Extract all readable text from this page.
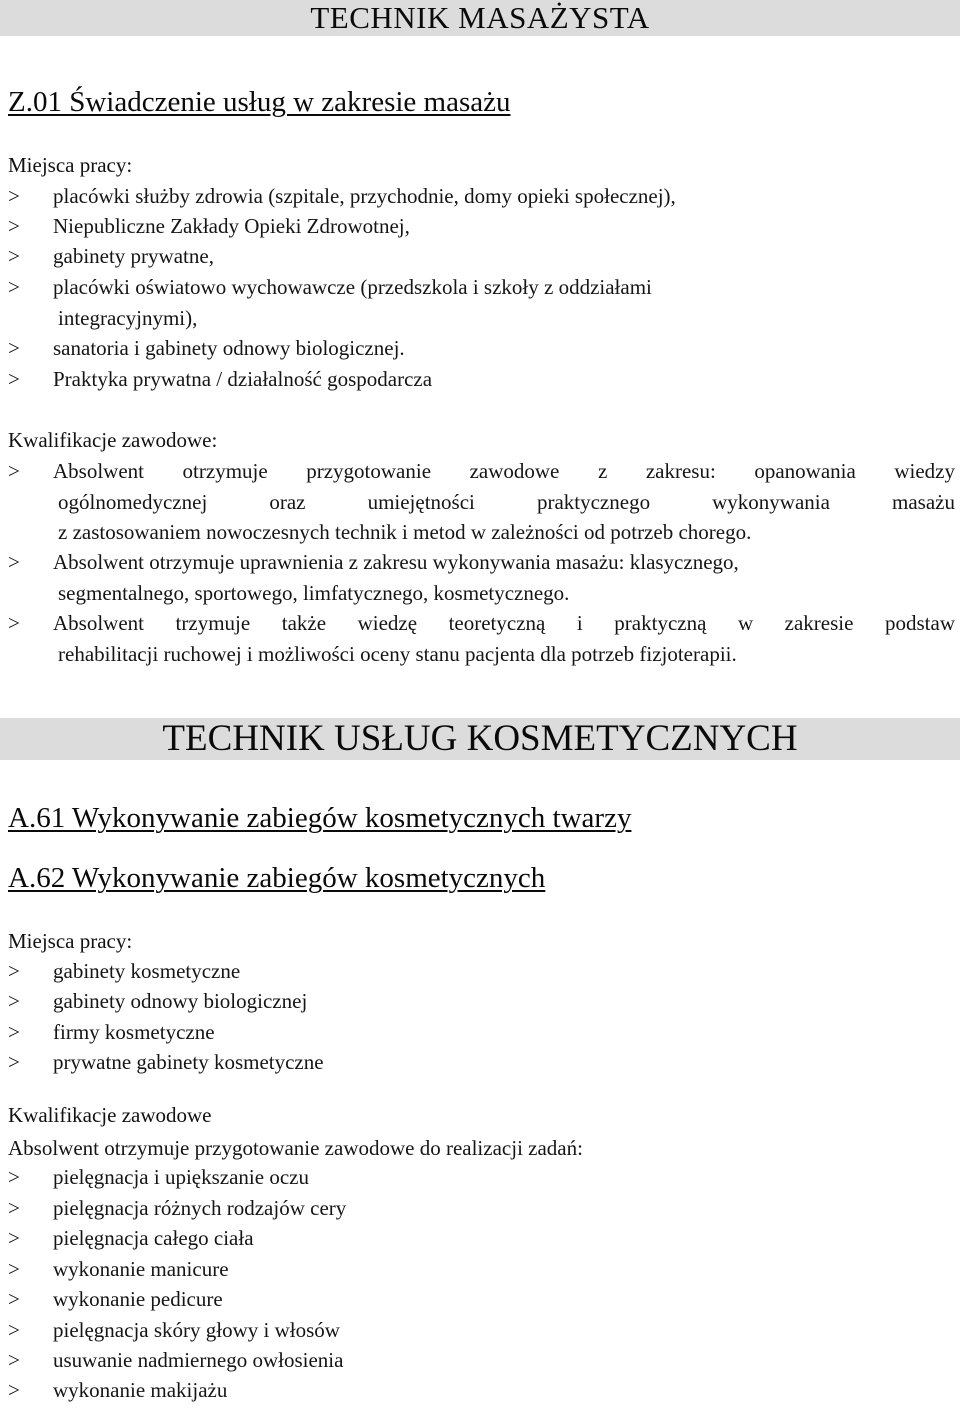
TECHNIK MASAŻYSTA
Z.01 Świadczenie usług w zakresie masażu
Miejsca pracy:
>	placówki służby zdrowia (szpitale, przychodnie, domy opieki społecznej),
>	Niepubliczne Zakłady Opieki Zdrowotnej,
>	gabinety prywatne,
>	placówki oświatowo wychowawcze (przedszkola i szkoły z oddziałami
integracyjnymi),
>	sanatoria i gabinety odnowy biologicznej.
>	Praktyka prywatna / działalność gospodarcza
Kwalifikacje zawodowe:
>	Absolwent otrzymuje przygotowanie zawodowe z zakresu: opanowania wiedzy
ogólnomedycznej oraz umiejętności praktycznego wykonywania masażu
z zastosowaniem nowoczesnych technik i metod w zależności od potrzeb chorego.
>	Absolwent otrzymuje uprawnienia z zakresu wykonywania masażu: klasycznego,
segmentalnego, sportowego, limfatycznego, kosmetycznego.
>	Absolwent trzymuje także wiedzę teoretyczną i praktyczną w zakresie podstaw
rehabilitacji ruchowej i możliwości oceny stanu pacjenta dla potrzeb fizjoterapii.
TECHNIK USŁUG KOSMETYCZNYCH
A.61 Wykonywanie zabiegów kosmetycznych twarzy
A.62 Wykonywanie zabiegów kosmetycznych
Miejsca pracy:
>	gabinety kosmetyczne
>	gabinety odnowy biologicznej
>	firmy kosmetyczne
>	prywatne gabinety kosmetyczne
Kwalifikacje zawodowe
Absolwent otrzymuje przygotowanie zawodowe do realizacji zadań:
>	pielęgnacja i upiększanie oczu
>	pielęgnacja różnych rodzajów cery
>	pielęgnacja całego ciała
>	wykonanie manicure
>	wykonanie pedicure
>	pielęgnacja skóry głowy i włosów
>	usuwanie nadmiernego owłosienia
>	wykonanie makijażu
